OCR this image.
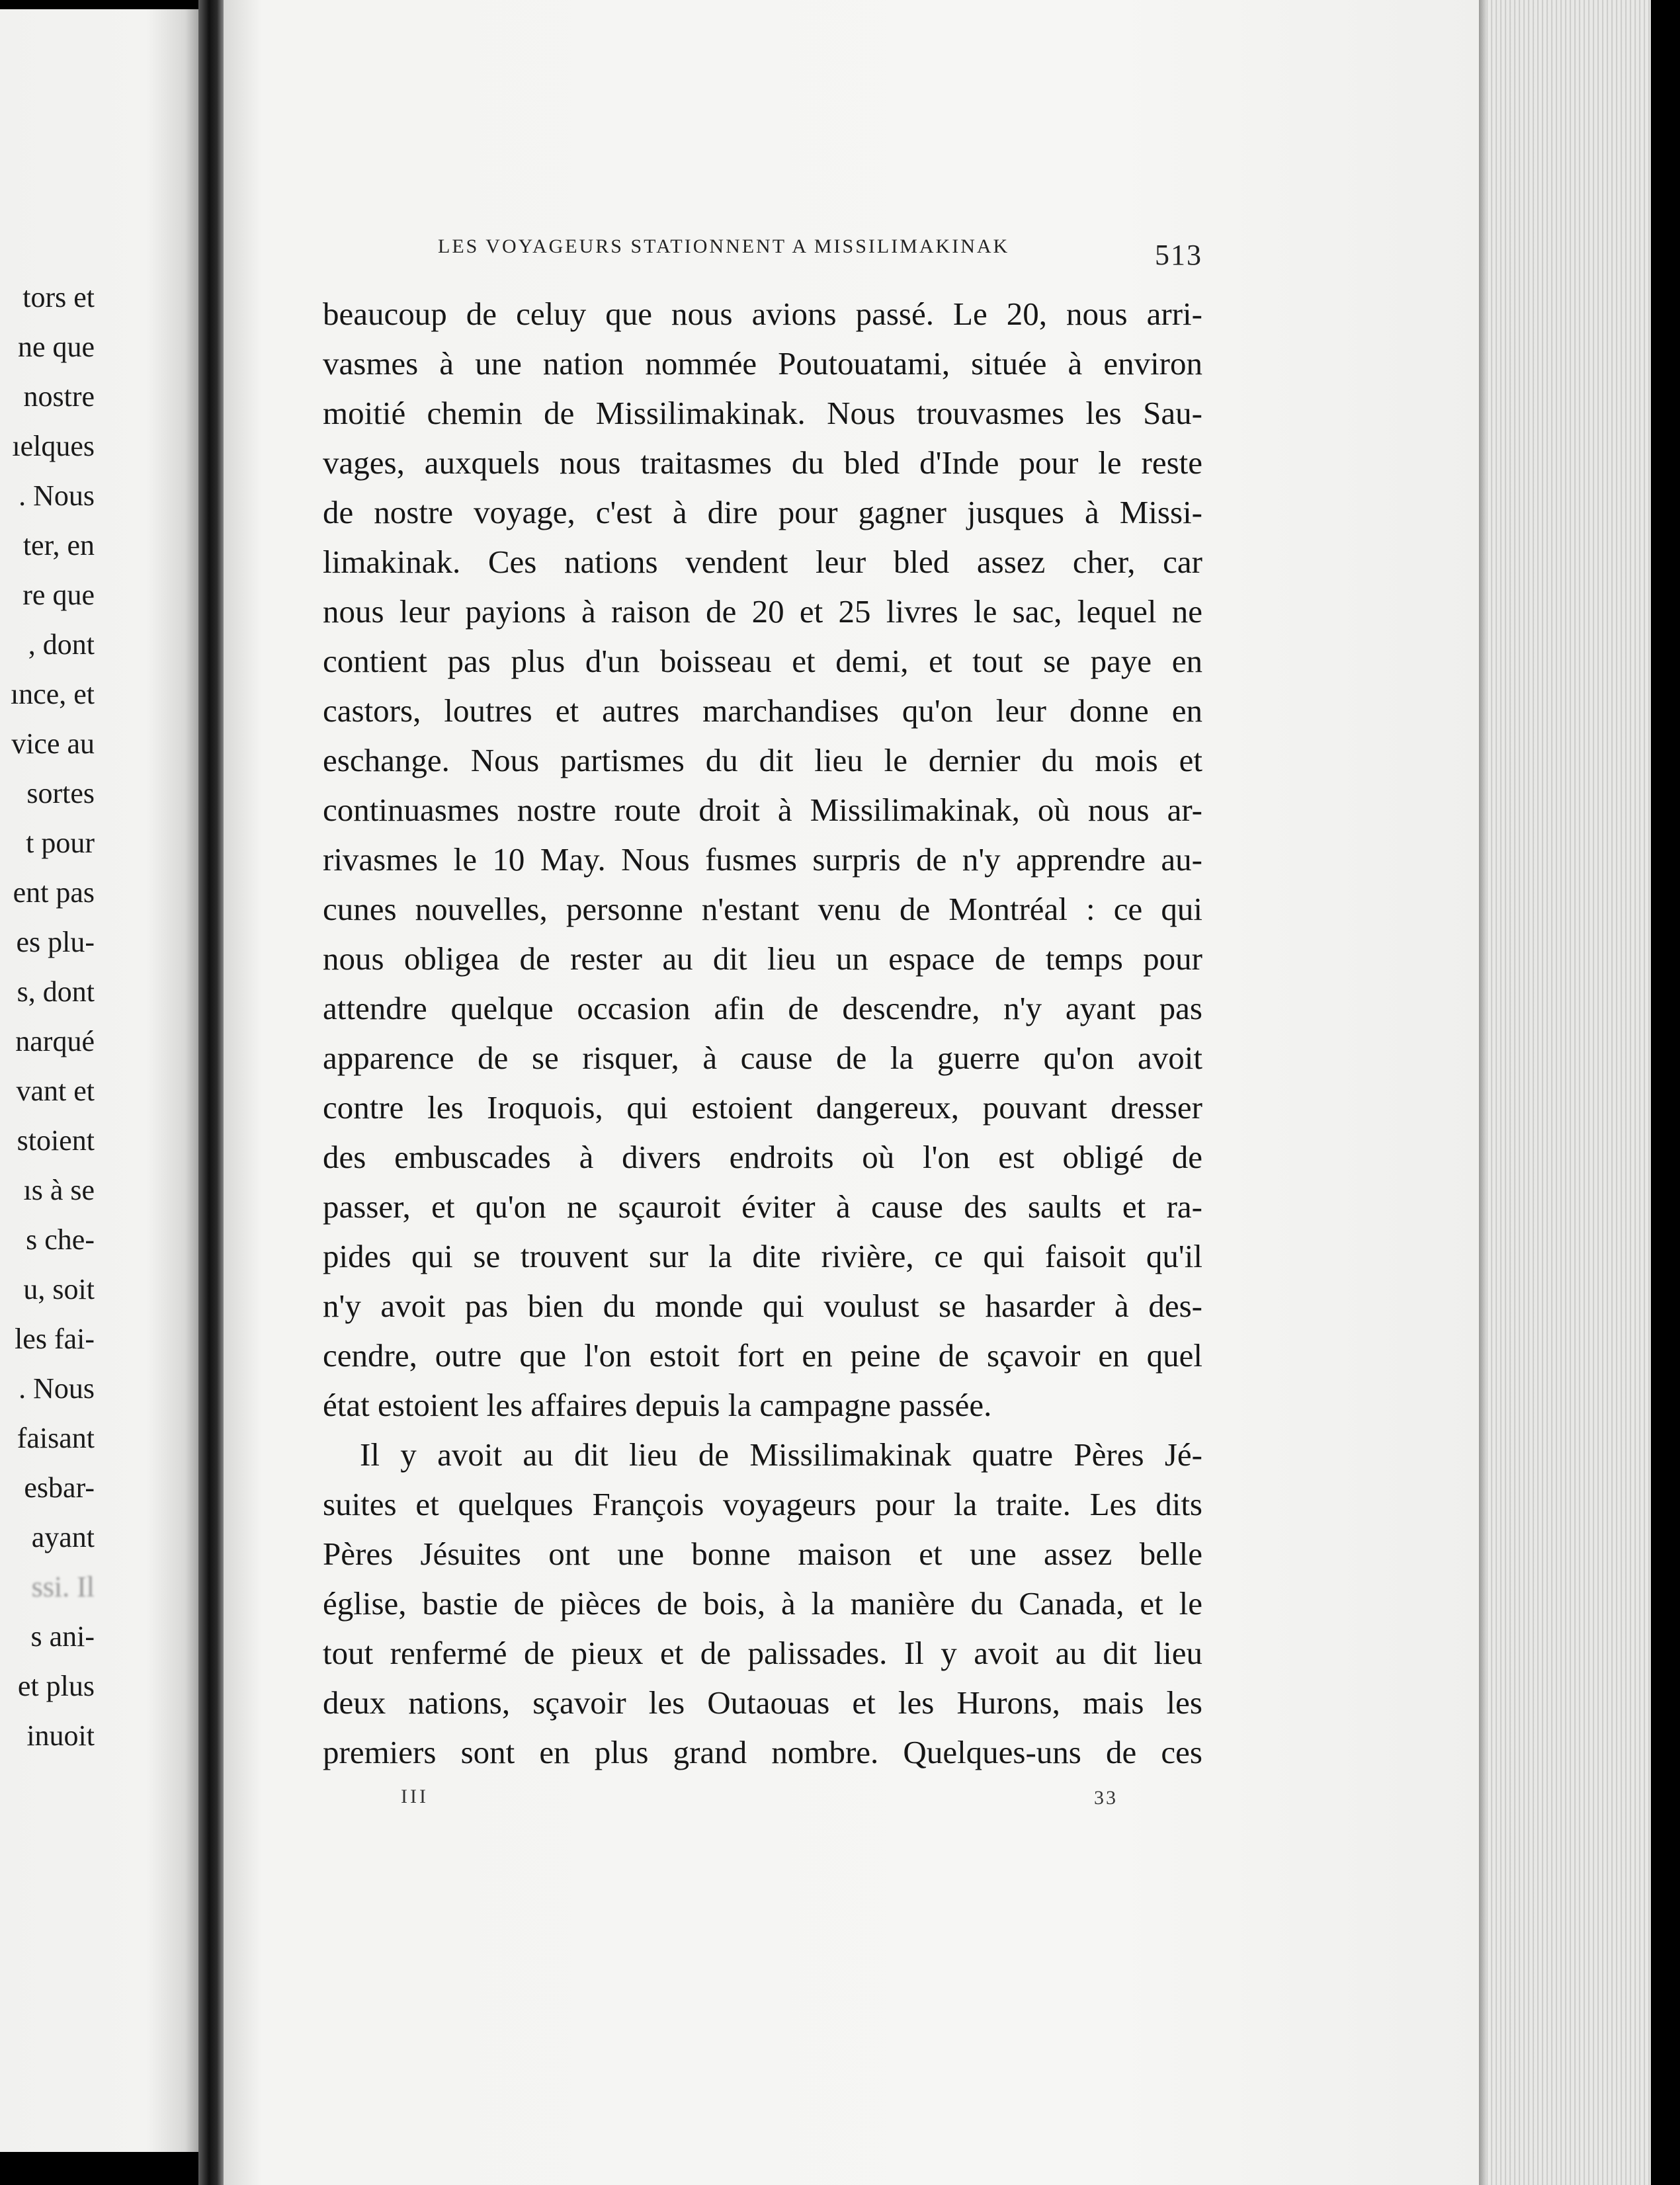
tors et
ne que
nostre
ıelques
. Nous
ter, en
re que
, dont
ınce, et
vice au
sortes
t pour
ent pas
es plu-
s, dont
narqué
vant et
stoient
ıs à se
s che-
u, soit
les fai-
. Nous
faisant
esbar-
ayant
ssi. Il
s ani-
et plus
inuoit
LES VOYAGEURS STATIONNENT A MISSILIMAKINAK	513
beaucoup de celuy que nous avions passé. Le 20, nous arri-
vasmes à une nation nommée Poutouatami, située à environ
moitié chemin de Missilimakinak. Nous trouvasmes les Sau-
vages, auxquels nous traitasmes du bled d'Inde pour le reste
de nostre voyage, c'est à dire pour gagner jusques à Missi-
limakinak. Ces nations vendent leur bled assez cher, car
nous leur payions à raison de 20 et 25 livres le sac, lequel ne
contient pas plus d'un boisseau et demi, et tout se paye en
castors, loutres et autres marchandises qu'on leur donne en
eschange. Nous partismes du dit lieu le dernier du mois et
continuasmes nostre route droit à Missilimakinak, où nous ar-
rivasmes le 10 May. Nous fusmes surpris de n'y apprendre au-
cunes nouvelles, personne n'estant venu de Montréal : ce qui
nous obligea de rester au dit lieu un espace de temps pour
attendre quelque occasion afin de descendre, n'y ayant pas
apparence de se risquer, à cause de la guerre qu'on avoit
contre les Iroquois, qui estoient dangereux, pouvant dresser
des embuscades à divers endroits où l'on est obligé de
passer, et qu'on ne sçauroit éviter à cause des saults et ra-
pides qui se trouvent sur la dite rivière, ce qui faisoit qu'il
n'y avoit pas bien du monde qui voulust se hasarder à des-
cendre, outre que l'on estoit fort en peine de sçavoir en quel
état estoient les affaires depuis la campagne passée.
Il y avoit au dit lieu de Missilimakinak quatre Pères Jé-
suites et quelques François voyageurs pour la traite. Les dits
Pères Jésuites ont une bonne maison et une assez belle
église, bastie de pièces de bois, à la manière du Canada, et le
tout renfermé de pieux et de palissades. Il y avoit au dit lieu
deux nations, sçavoir les Outaouas et les Hurons, mais les
premiers sont en plus grand nombre. Quelques-uns de ces
III	33
